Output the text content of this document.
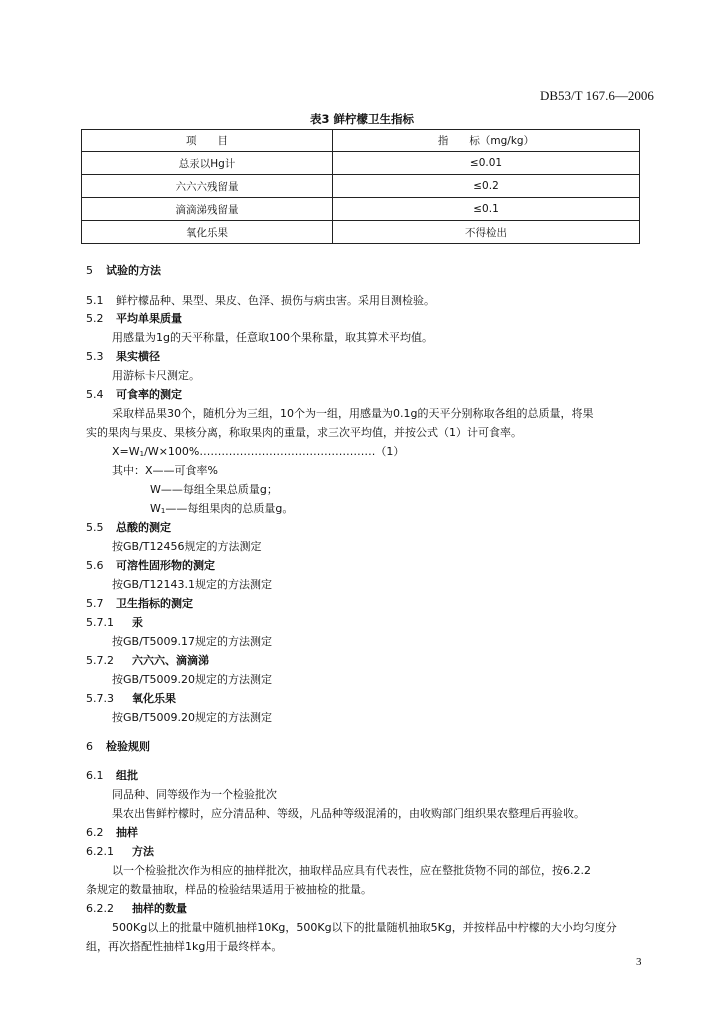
DB53/T 167.6—2006
表3 鲜柠檬卫生指标
项　　目	指　　标（mg/kg）
总汞以Hg计	≤0.01
六六六残留量	≤0.2
滴滴涕残留量	≤0.1
氧化乐果	不得检出
5 试验的方法
5.1 鲜柠檬品种、果型、果皮、色泽、损伤与病虫害。采用目测检验。
5.2 平均单果质量
用感量为1g的天平称量，任意取100个果称量，取其算术平均值。
5.3 果实横径
用游标卡尺测定。
5.4 可食率的测定
采取样品果30个，随机分为三组，10个为一组，用感量为0.1g的天平分别称取各组的总质量，将果
实的果肉与果皮、果核分离，称取果肉的重量，求三次平均值，并按公式（1）计可食率。
X=W1/W×100%…………………………………………（1）
其中：X——可食率%
W——每组全果总质量g；
W1——每组果肉的总质量g。
5.5 总酸的测定
按GB/T12456规定的方法测定
5.6 可溶性固形物的测定
按GB/T12143.1规定的方法测定
5.7 卫生指标的测定
5.7.1 汞
按GB/T5009.17规定的方法测定
5.7.2 六六六、滴滴涕
按GB/T5009.20规定的方法测定
5.7.3 氧化乐果
按GB/T5009.20规定的方法测定
6 检验规则
6.1 组批
同品种、同等级作为一个检验批次
果农出售鲜柠檬时，应分清品种、等级，凡品种等级混淆的，由收购部门组织果农整理后再验收。
6.2 抽样
6.2.1 方法
以一个检验批次作为相应的抽样批次，抽取样品应具有代表性，应在整批货物不同的部位，按6.2.2
条规定的数量抽取，样品的检验结果适用于被抽检的批量。
6.2.2 抽样的数量
500Kg以上的批量中随机抽样10Kg，500Kg以下的批量随机抽取5Kg，并按样品中柠檬的大小均匀度分
组，再次搭配性抽样1kg用于最终样本。
3
